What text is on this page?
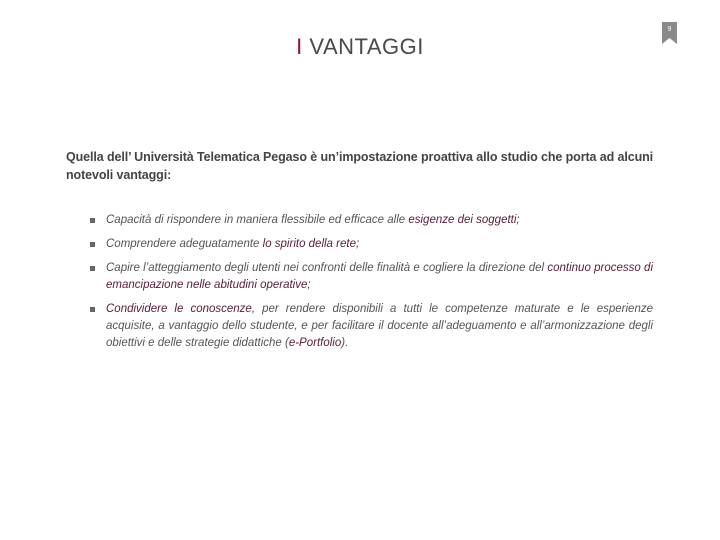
I VANTAGGI
9
Quella dell’ Università Telematica Pegaso è un’impostazione proattiva allo studio che porta ad alcuni notevoli vantaggi:
Capacità di rispondere in maniera flessibile ed efficace alle esigenze dei soggetti;
Comprendere adeguatamente lo spirito della rete;
Capire l’atteggiamento degli utenti nei confronti delle finalità e cogliere la direzione del continuo processo di emancipazione nelle abitudini operative;
Condividere le conoscenze, per rendere disponibili a tutti le competenze maturate e le esperienze acquisite, a vantaggio dello studente, e per facilitare il docente all’adeguamento e all’armonizzazione degli obiettivi e delle strategie didattiche (e-Portfolio).
